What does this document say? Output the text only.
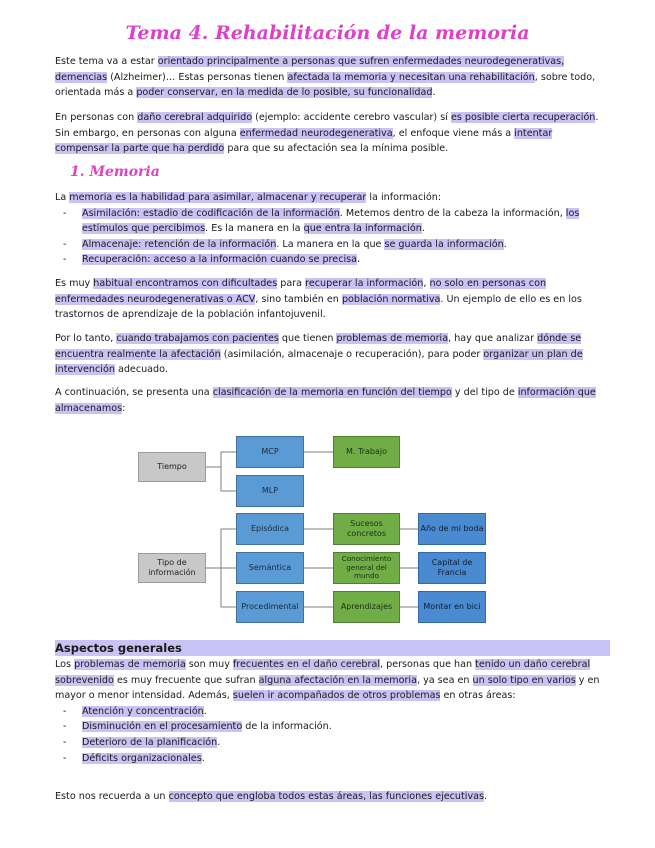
Tema 4. Rehabilitación de la memoria
Este tema va a estar orientado principalmente a personas que sufren enfermedades neurodegenerativas, demencias (Alzheimer)… Estas personas tienen afectada la memoria y necesitan una rehabilitación, sobre todo, orientada más a poder conservar, en la medida de lo posible, su funcionalidad.
En personas con daño cerebral adquirido (ejemplo: accidente cerebro vascular) sí es posible cierta recuperación. Sin embargo, en personas con alguna enfermedad neurodegenerativa, el enfoque viene más a intentar compensar la parte que ha perdido para que su afectación sea la mínima posible.
1. Memoria
La memoria es la habilidad para asimilar, almacenar y recuperar la información:
- Asimilación: estadio de codificación de la información. Metemos dentro de la cabeza la información, los estímulos que percibimos. Es la manera en la que entra la información.
- Almacenaje: retención de la información. La manera en la que se guarda la información.
- Recuperación: acceso a la información cuando se precisa.
Es muy habitual encontramos con dificultades para recuperar la información, no solo en personas con enfermedades neurodegenerativas o ACV, sino también en población normativa. Un ejemplo de ello es en los trastornos de aprendizaje de la población infantojuvenil.
Por lo tanto, cuando trabajamos con pacientes que tienen problemas de memoria, hay que analizar dónde se encuentra realmente la afectación (asimilación, almacenaje o recuperación), para poder organizar un plan de intervención adecuado.
A continuación, se presenta una clasificación de la memoria en función del tiempo y del tipo de información que almacenamos:
Tiempo
MCP
MLP
M. Trabajo
Tipo de información
Episódica
Semántica
Procedimental
Sucesos concretos
Conocimiento general del mundo
Aprendizajes
Año de mi boda
Capital de Francia
Montar en bici
Aspectos generales
Los problemas de memoria son muy frecuentes en el daño cerebral, personas que han tenido un daño cerebral sobrevenido es muy frecuente que sufran alguna afectación en la memoria, ya sea en un solo tipo en varios y en mayor o menor intensidad. Además, suelen ir acompañados de otros problemas en otras áreas:
- Atención y concentración.
- Disminución en el procesamiento de la información.
- Deterioro de la planificación.
- Déficits organizacionales.
Esto nos recuerda a un concepto que engloba todos estas áreas, las funciones ejecutivas.
